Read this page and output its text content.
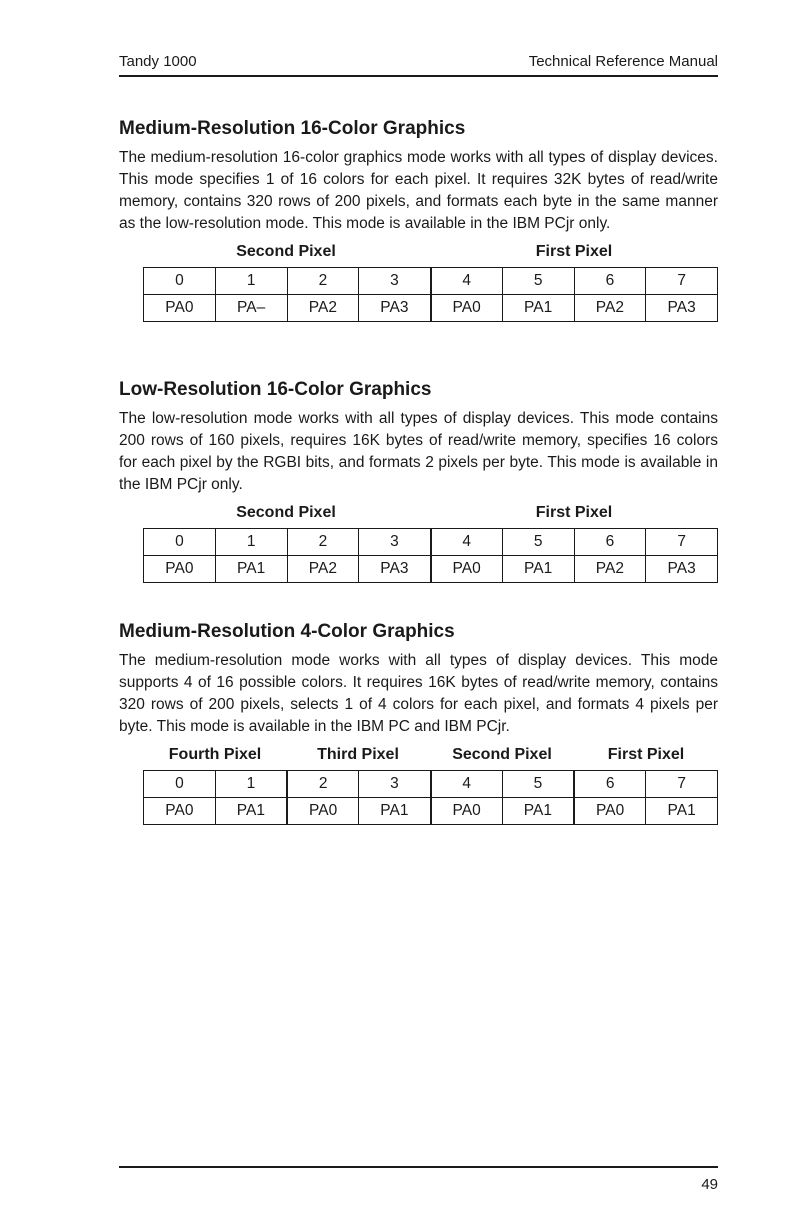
Tandy 1000	Technical Reference Manual
Medium-Resolution 16-Color Graphics

The medium-resolution 16-color graphics mode works with all types of display devices. This mode specifies 1 of 16 colors for each pixel. It requires 32K bytes of read/write memory, contains 320 rows of 200 pixels, and formats each byte in the same manner as the low-resolution mode. This mode is available in the IBM PCjr only.

Second Pixel	First Pixel
0	1	2	3	4	5	6	7
PA0	PA–	PA2	PA3	PA0	PA1	PA2	PA3
Low-Resolution 16-Color Graphics

The low-resolution mode works with all types of display devices. This mode contains 200 rows of 160 pixels, requires 16K bytes of read/write memory, specifies 16 colors for each pixel by the RGBI bits, and formats 2 pixels per byte. This mode is available in the IBM PCjr only.

Second Pixel	First Pixel
0	1	2	3	4	5	6	7
PA0	PA1	PA2	PA3	PA0	PA1	PA2	PA3
Medium-Resolution 4-Color Graphics

The medium-resolution mode works with all types of display devices. This mode supports 4 of 16 possible colors. It requires 16K bytes of read/write memory, contains 320 rows of 200 pixels, selects 1 of 4 colors for each pixel, and formats 4 pixels per byte. This mode is available in the IBM PC and IBM PCjr.

Fourth Pixel	Third Pixel	Second Pixel	First Pixel
0	1	2	3	4	5	6	7
PA0	PA1	PA0	PA1	PA0	PA1	PA0	PA1
49
